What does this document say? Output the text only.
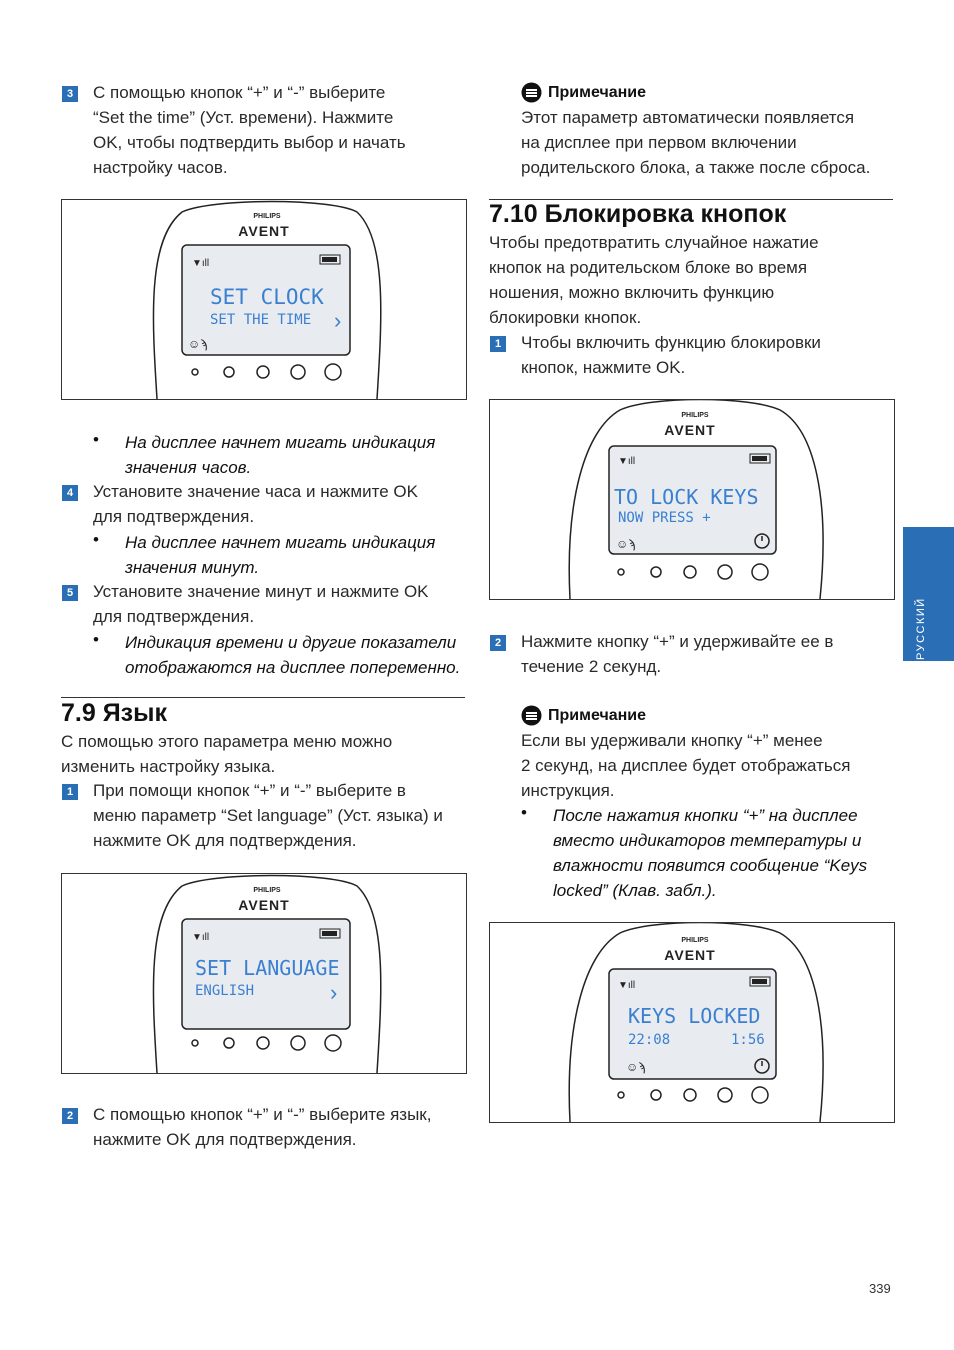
3 С помощью кнопок “+” и “-” выберите
“Set the time” (Уст. времени). Нажмите
OK, чтобы подтвердить выбор и начать
настройку часов.
PHILIPS
AVENT
▼ıll
SET CLOCK
SET THE TIME ›
☺ϡ
• На дисплее начнет мигать индикация
значения часов.
4 Установите значение часа и нажмите OK
для подтверждения.
• На дисплее начнет мигать индикация
значения минут.
5 Установите значение минут и нажмите OK
для подтверждения.
• Индикация времени и другие показатели
отображаются на дисплее попеременно.
7.9 Язык
С помощью этого параметра меню можно
изменить настройку языка.
1 При помощи кнопок “+” и “-” выберите в
меню параметр “Set language” (Уст. языка) и
нажмите OK для подтверждения.
PHILIPS
AVENT
▼ıll
SET LANGUAGE
ENGLISH	›
2 С помощью кнопок “+” и “-” выберите язык,
нажмите OK для подтверждения.
Примечание
Этот параметр автоматически появляется
на дисплее при первом включении
родительского блока, а также после сброса.
7.10 Блокировка кнопок
Чтобы предотвратить случайное нажатие
кнопок на родительском блоке во время
ношения, можно включить функцию
блокировки кнопок.
1 Чтобы включить функцию блокировки
кнопок, нажмите OK.
PHILIPS
AVENT
▼ıll
TO LOCK KEYS
NOW PRESS +
☺ϡ
2 Нажмите кнопку “+” и удерживайте ее в
течение 2 секунд.
Примечание
Если вы удерживали кнопку “+” менее
2 секунд, на дисплее будет отображаться
инструкция.
• После нажатия кнопки “+” на дисплее
вместо индикаторов температуры и
влажности появится сообщение “Keys
locked” (Клав. забл.).
PHILIPS
AVENT
▼ıll
KEYS LOCKED
22:08	1:56
☺ϡ
РУССКИЙ
339
